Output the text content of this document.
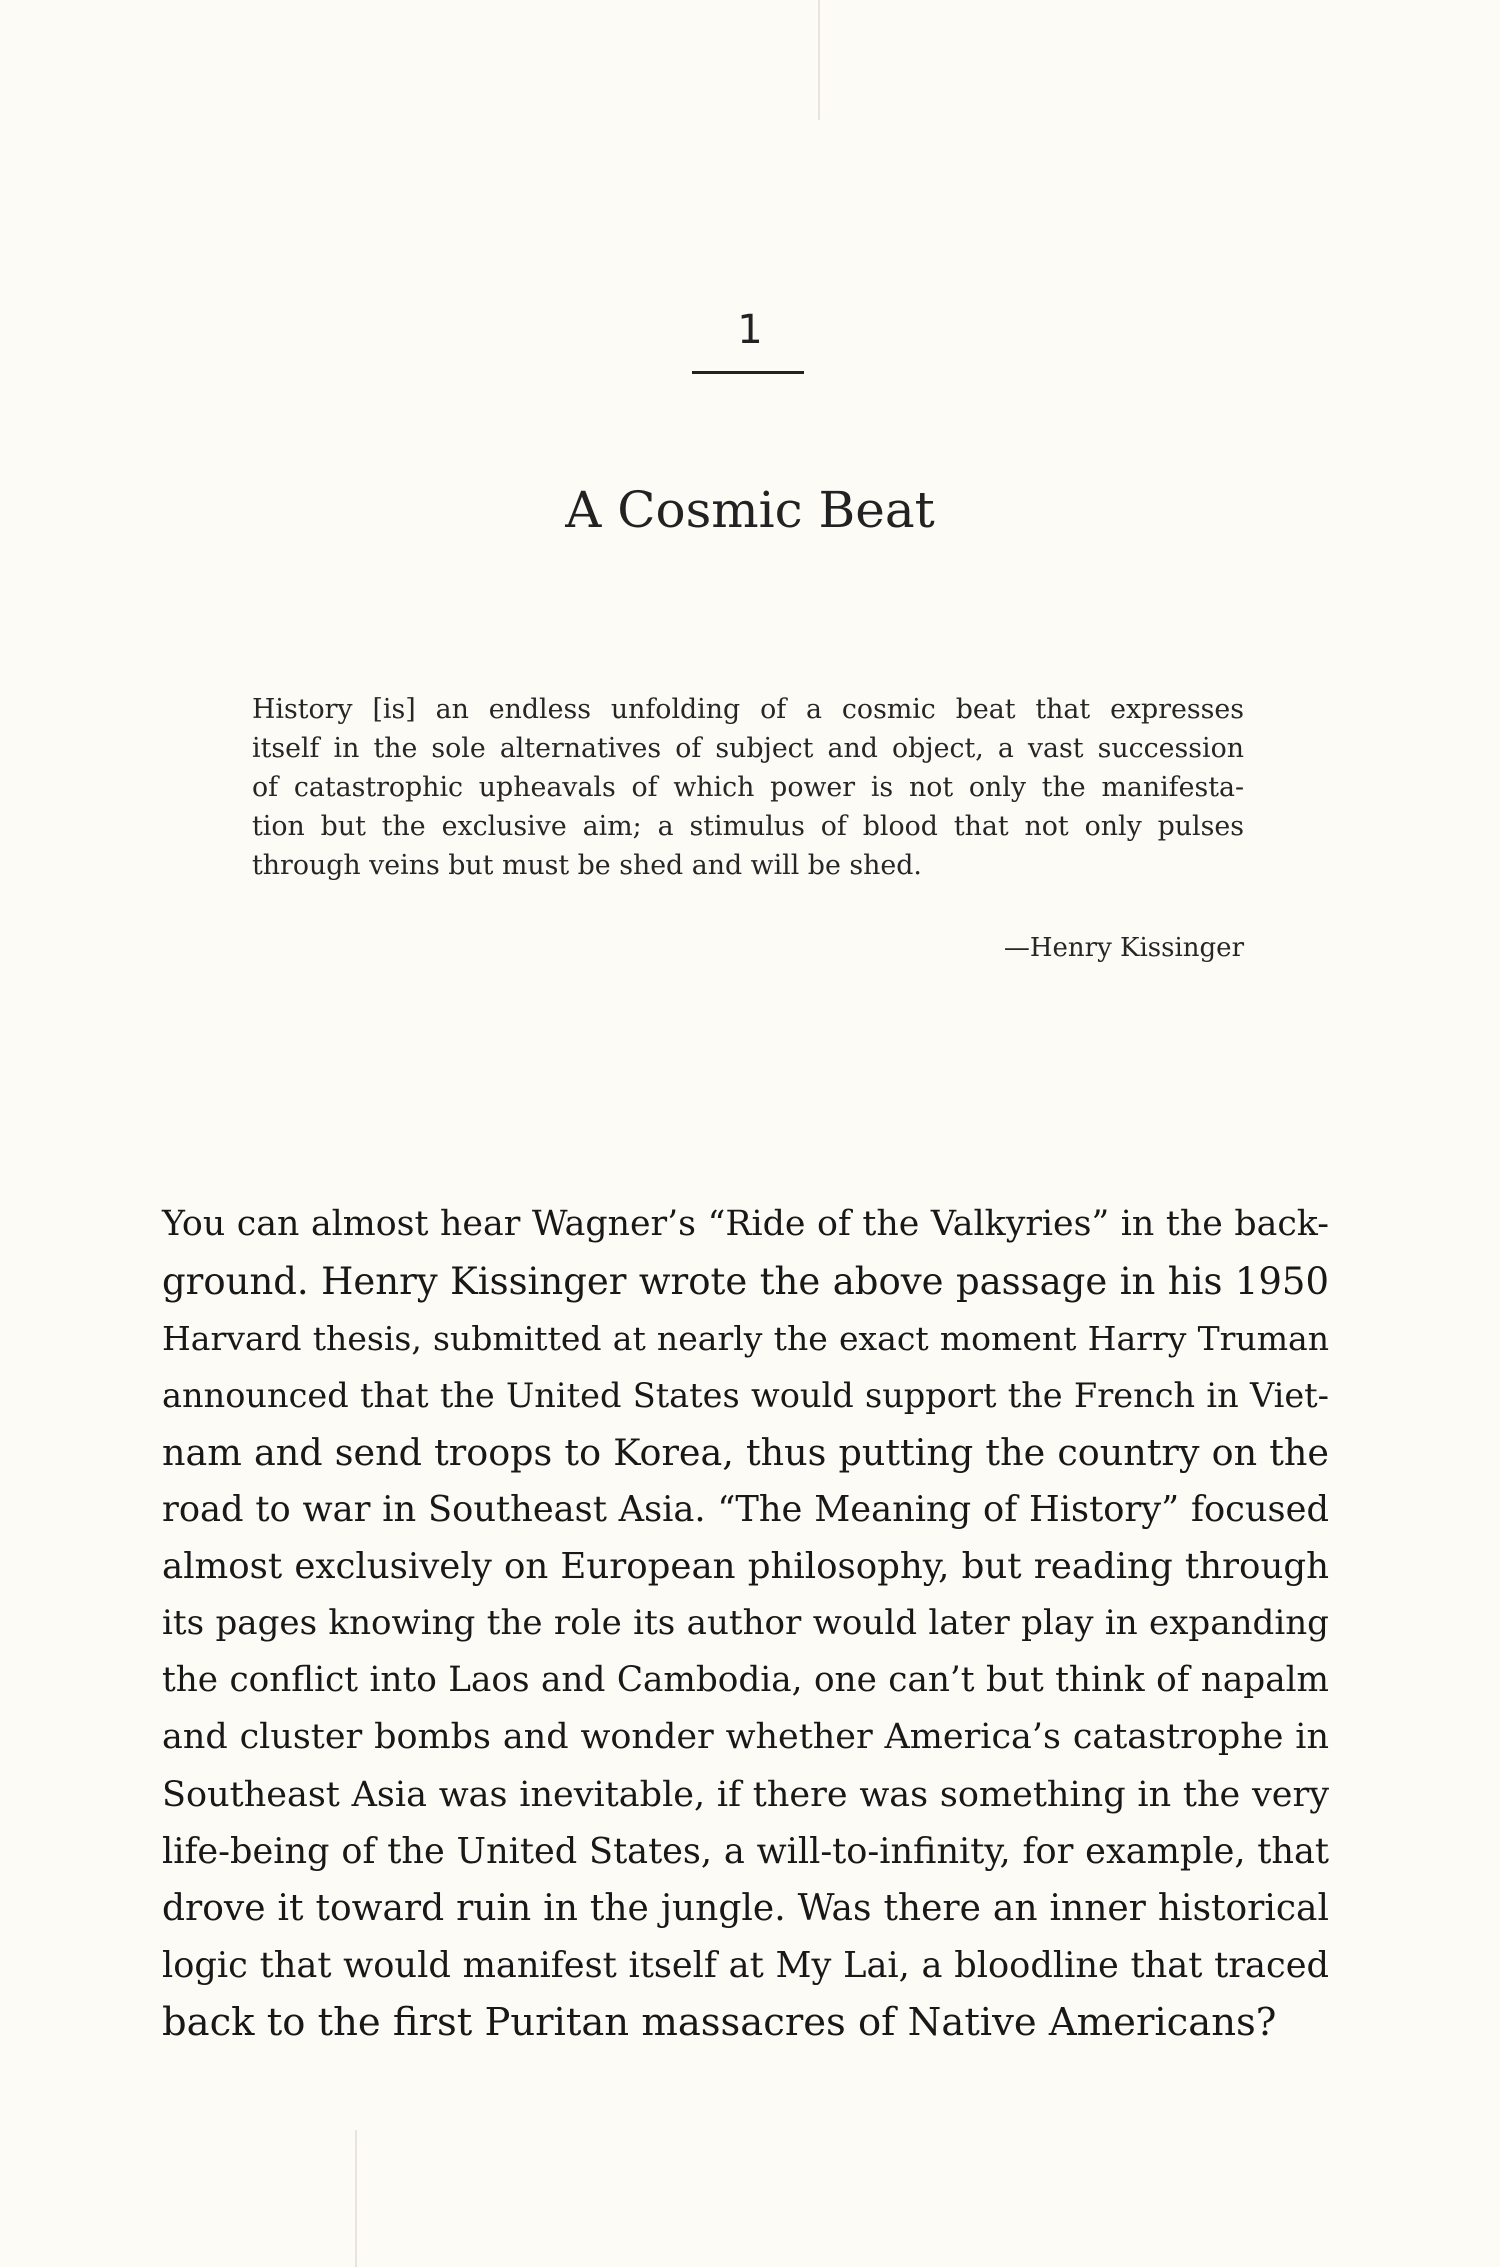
1
A Cosmic Beat
History [is] an endless unfolding of a cosmic beat that expresses
itself in the sole alternatives of subject and object, a vast succession
of catastrophic upheavals of which power is not only the manifesta-
tion but the exclusive aim; a stimulus of blood that not only pulses
through veins but must be shed and will be shed.
—Henry Kissinger
You can almost hear Wagner’s “Ride of the Valkyries” in the back-
ground. Henry Kissinger wrote the above passage in his 1950
Harvard thesis, submitted at nearly the exact moment Harry Truman
announced that the United States would support the French in Viet-
nam and send troops to Korea, thus putting the country on the
road to war in Southeast Asia. “The Meaning of History” focused
almost exclusively on European philosophy, but reading through
its pages knowing the role its author would later play in expanding
the conflict into Laos and Cambodia, one can’t but think of napalm
and cluster bombs and wonder whether America’s catastrophe in
Southeast Asia was inevitable, if there was something in the very
life-being of the United States, a will-to-infinity, for example, that
drove it toward ruin in the jungle. Was there an inner historical
logic that would manifest itself at My Lai, a bloodline that traced
back to the first Puritan massacres of Native Americans?
